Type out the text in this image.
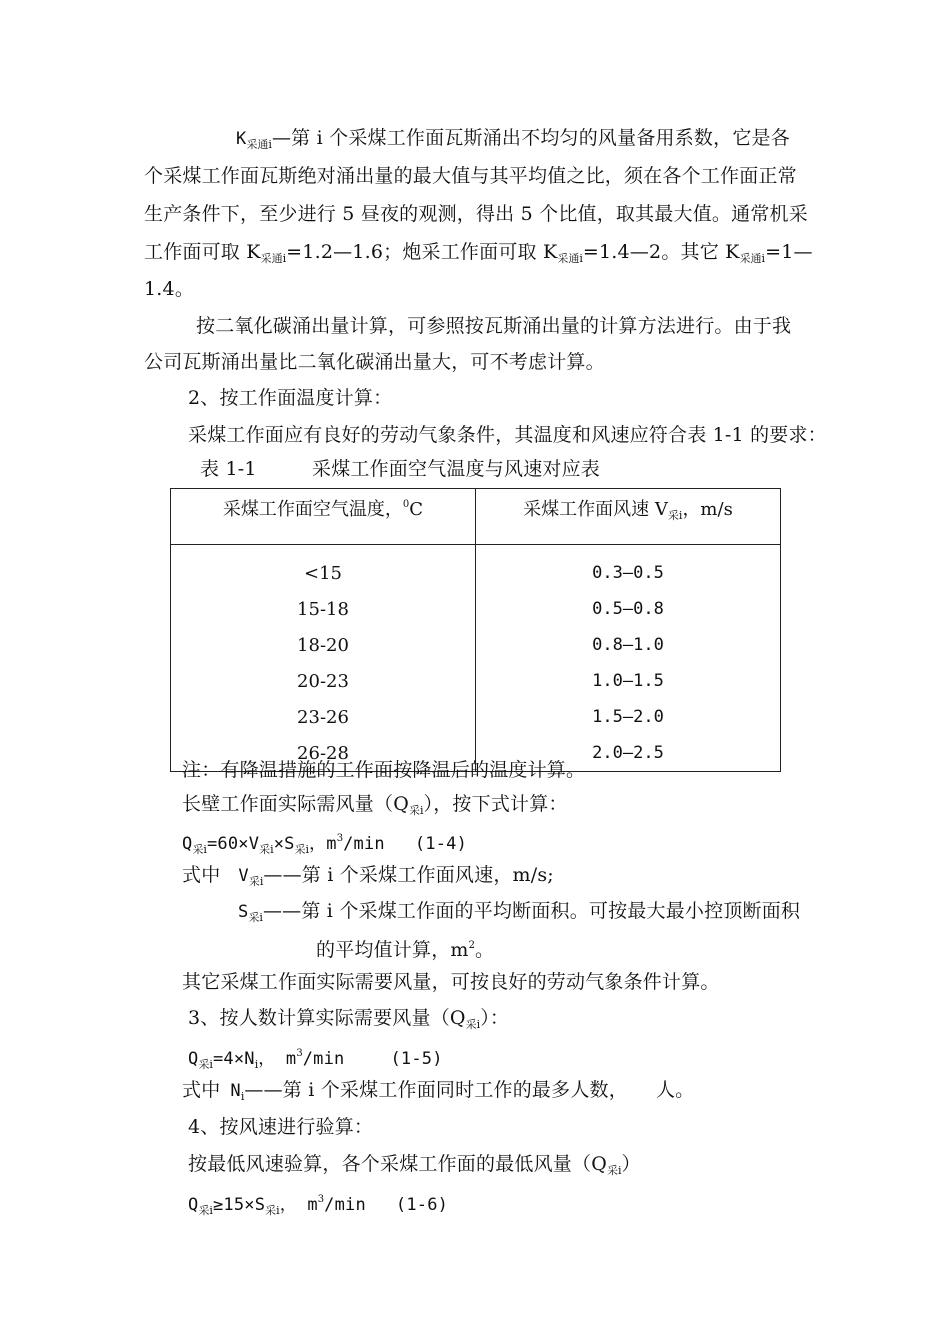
$K_{采通i}—$第 i 个采煤工作面瓦斯涌出不均匀的风量备用系数，它是各
个采煤工作面瓦斯绝对涌出量的最大值与其平均值之比，须在各个工作面正常
生产条件下，至少进行 5 昼夜的观测，得出 5 个比值，取其最大值。通常机采
工作面可取 $K_{采通i}=1.2—1.6$；炮采工作面可取 $K_{采通i}=1.4—2$。其它 $K_{采通i}=1—$
1.4。
按二氧化碳涌出量计算，可参照按瓦斯涌出量的计算方法进行。由于我
公司瓦斯涌出量比二氧化碳涌出量大，可不考虑计算。
2、按工作面温度计算：
采煤工作面应有良好的劳动气象条件，其温度和风速应符合表 1-1 的要求：
表 1-1	采煤工作面空气温度与风速对应表
采煤工作面空气温度，$^0$C	采煤工作面风速 $V_{采i}$，m/s
<15	0.3—0.5
15-18	0.5—0.8
18-20	0.8—1.0
20-23	1.0—1.5
23-26	1.5—2.0
26-28	2.0—2.5
注：有降温措施的工作面按降温后的温度计算。
长壁工作面实际需风量$(Q_{采i})$，按下式计算：
$Q_{采i}=60\times V_{采i}\times S_{采i}$，$m^3/\min$ (1-4)
式中 $V_{采i}——$第 i 个采煤工作面风速，m/s;
$S_{采i}——$第 i 个采煤工作面的平均断面积。可按最大最小控顶断面积
的平均值计算，$m^2$。
其它采煤工作面实际需要风量，可按良好的劳动气象条件计算。
3、按人数计算实际需要风量$(Q_{采i})$：
$Q_{采i}=4\times N_i$， $m^3/\min$	(1-5)
式中 $N_i——$第 i 个采煤工作面同时工作的最多人数， 人。
4、按风速进行验算：
按最低风速验算，各个采煤工作面的最低风量$(Q_{采i})$
$Q_{采i}\ge 15\times S_{采i}$， $m^3/\min$ (1-6)
